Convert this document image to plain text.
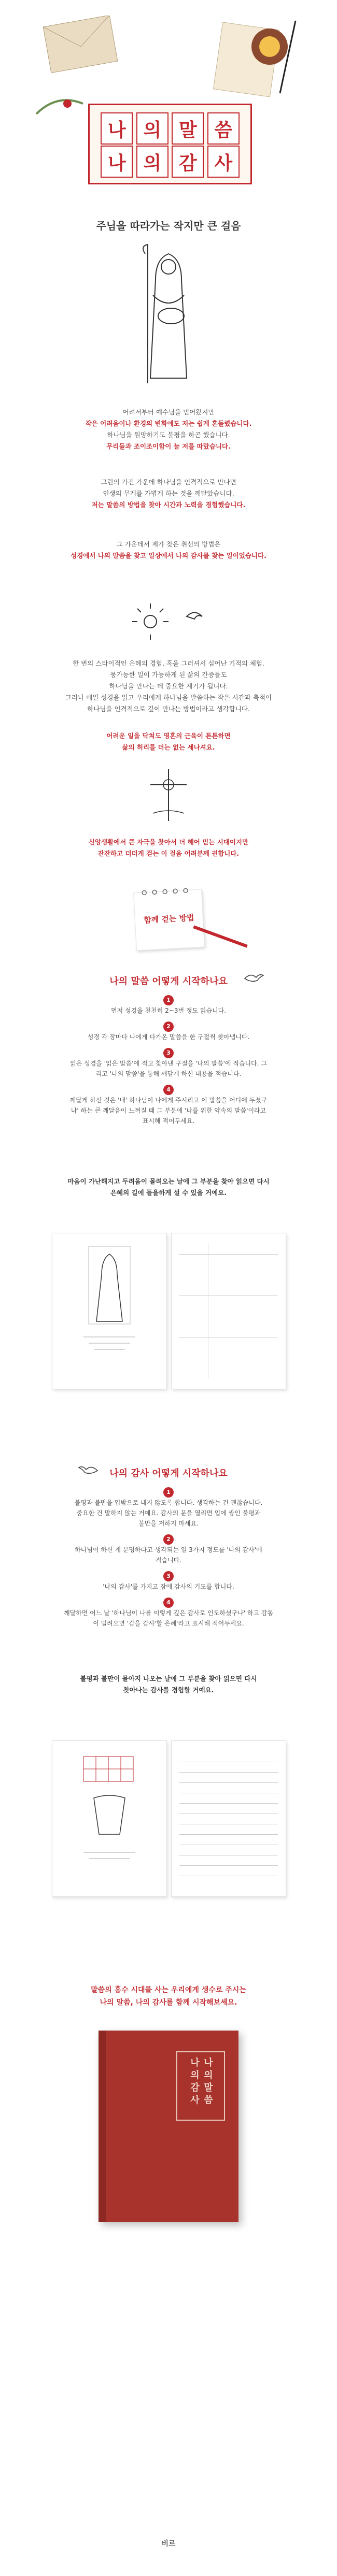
나 의 말 씀
나 의 감 사
주님을 따라가는 작지만 큰 걸음
어려서부터 예수님을 믿어왔지만
작은 어려움이나 환경의 변화에도 저는 쉽게 흔들렸습니다.
하나님을 원망하기도 불평을 하곤 했습니다.
무리들과 조이조이함이 늘 저를 따랐습니다.
그런의 가건 가운데 하나님을 인격적으로 만나면
인생의 무게를 가볍게 하는 것을 깨달았습니다.
저는 말씀의 방법을 찾아 시간과 노력을 경험했습니다.
그 가운데서 제가 찾은 취선의 방법은
성경에서 나의 말씀을 찾고 일상에서 나의 감사를 찾는 일이었습니다.
한 번의 스타이적인 은혜의 경험, 혹을 그러셔서 심어난 기적의 체험.
뭉가능한 일이 가능하게 된 삶의 간증들도
하나님을 만나는 데 중요한 계기가 됩니다.
그러나 매일 성경을 읽고 우리에게 하나님을 말씀하는 작은 시간과 축적이
하나님을 인격적으로 깊이 만나는 방법이라고 생각합니다.
어려운 일을 닥쳐도 영혼의 근육이 튼튼하면
삶의 허리를 더는 없는 세나셔요.
신앙생활에서 큰 자극을 찾아서 더 헤어 믿는 시대이지만
잔잔하고 더더게 걷는 이 걸음 어려분께 권합니다.
함께 걷는 방법
나의 말씀 어떻게 시작하나요
1
먼저 성경을 천천히 2~3번 정도 읽습니다.
2
성경 각 장마다 나에게 다가온 말씀을 한 구절씩 찾아냅니다.
3
읽은 성경을 '읽은 말씀'에 적고 찾아낸 구절을 '나의 말씀'에 적습니다. 그리고 '나의 말씀'을 통해 깨달게 하신 내용을 적습니다.
4
깨달게 하신 것은 '내' 하나님이 나에게 주시리고 이 말씀을 어디에 두셨구나' 하는 큰 깨달음이 느껴질 때 그 부분에 '나를 위한 약속의 말씀'이라고 표시해 적어두세요.
마음이 가난해지고 두려움이 몰려오는 날에 그 부분을 찾아 읽으면 다시 은혜의 길에 들을하게 설 수 있을 거예요.
나의 감사 어떻게 시작하나요
1
불평과 불만을 입밖으로 내지 않도록 합니다. 생각하는 건 괜찮습니다. 중요한 건 말하지 않는 거예요. 감사의 문을 열리면 입에 쌍인 불평과 불만을 저하지 마세요.
2
하나님이 하신 게 분명하다고 생각되는 일 3가지 정도를 '나의 감사'에 적습니다.
3
'나의 감사'를 가지고 잠에 감사의 기도를 합니다.
4
깨달하면 어느 날 '하나님이 나를 이렇게 깊은 감사로 인도하셨구나' 하고 감동이 밀려오면 '감을 감사'할 은혜'라고 표시해 적어두세요.
불평과 불만이 몰아지 나오는 날에 그 부분을 찾아 읽으면 다시 찾아나는 감사를 경험할 거예요.
말씀의 홍수 시대를 사는 우리에게 생수로 주시는
나의 말씀, 나의 감사를 함께 시작해보세요.
나의말씀나의감사
비르
